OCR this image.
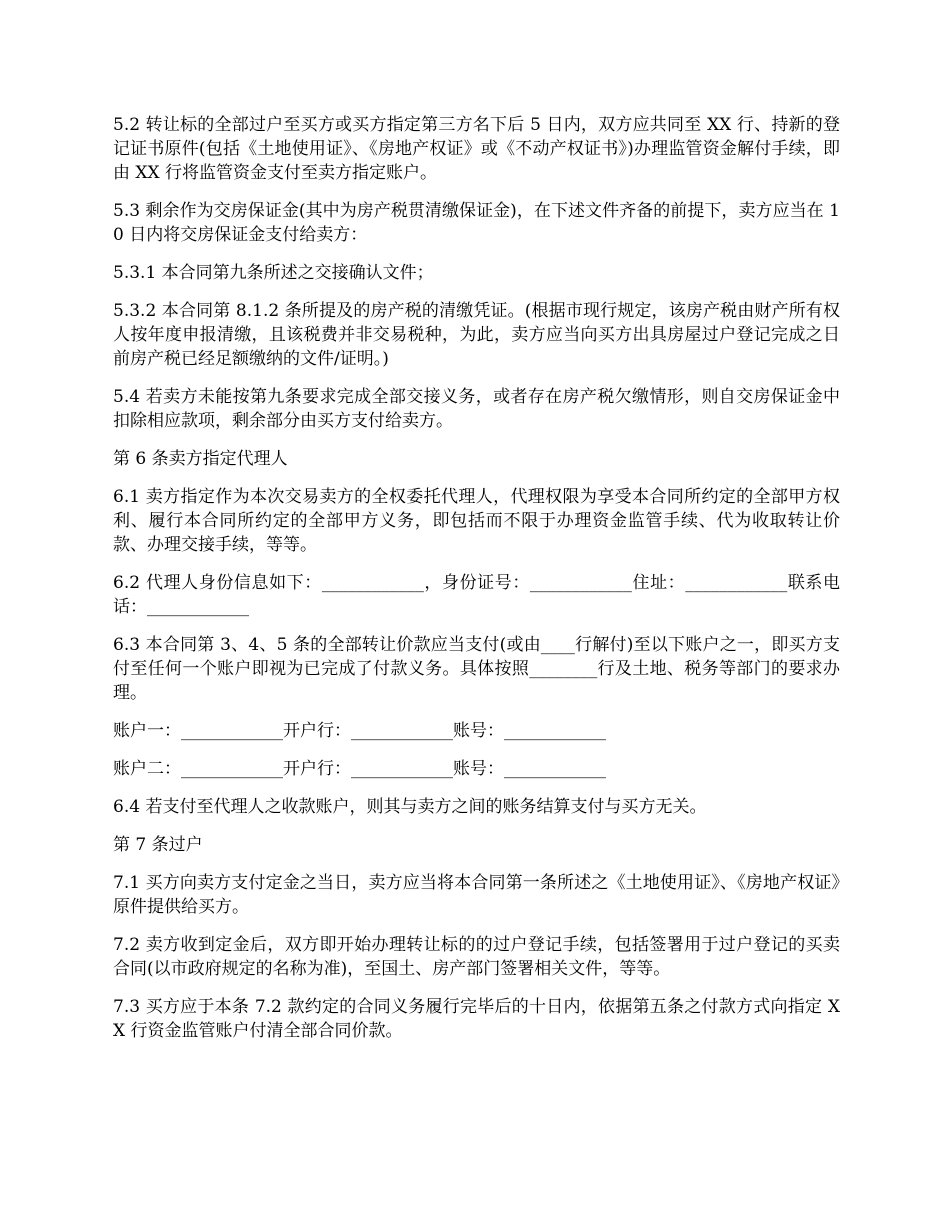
5.2 转让标的全部过户至买方或买方指定第三方名下后 5 日内，双方应共同至 XX 行、持新的登记证书原件(包括《土地使用证》、《房地产权证》或《不动产权证书》)办理监管资金解付手续，即由 XX 行将监管资金支付至卖方指定账户。

5.3 剩余作为交房保证金(其中为房产税贯清缴保证金)，在下述文件齐备的前提下，卖方应当在 10 日内将交房保证金支付给卖方：

5.3.1 本合同第九条所述之交接确认文件；

5.3.2 本合同第 8.1.2 条所提及的房产税的清缴凭证。(根据市现行规定，该房产税由财产所有权人按年度申报清缴，且该税费并非交易税种，为此，卖方应当向买方出具房屋过户登记完成之日前房产税已经足额缴纳的文件/证明。)

5.4 若卖方未能按第九条要求完成全部交接义务，或者存在房产税欠缴情形，则自交房保证金中扣除相应款项，剩余部分由买方支付给卖方。

第 6 条卖方指定代理人

6.1 卖方指定作为本次交易卖方的全权委托代理人，代理权限为享受本合同所约定的全部甲方权利、履行本合同所约定的全部甲方义务，即包括而不限于办理资金监管手续、代为收取转让价款、办理交接手续，等等。

6.2 代理人身份信息如下：____________，身份证号：____________住址：____________联系电话：____________

6.3 本合同第 3、4、5 条的全部转让价款应当支付(或由____行解付)至以下账户之一，即买方支付至任何一个账户即视为已完成了付款义务。具体按照________行及土地、税务等部门的要求办理。

账户一：____________开户行：____________账号：____________

账户二：____________开户行：____________账号：____________

6.4 若支付至代理人之收款账户，则其与卖方之间的账务结算支付与买方无关。

第 7 条过户

7.1 买方向卖方支付定金之当日，卖方应当将本合同第一条所述之《土地使用证》、《房地产权证》原件提供给买方。

7.2 卖方收到定金后，双方即开始办理转让标的的过户登记手续，包括签署用于过户登记的买卖合同(以市政府规定的名称为准)，至国土、房产部门签署相关文件，等等。

7.3 买方应于本条 7.2 款约定的合同义务履行完毕后的十日内，依据第五条之付款方式向指定 XX 行资金监管账户付清全部合同价款。
